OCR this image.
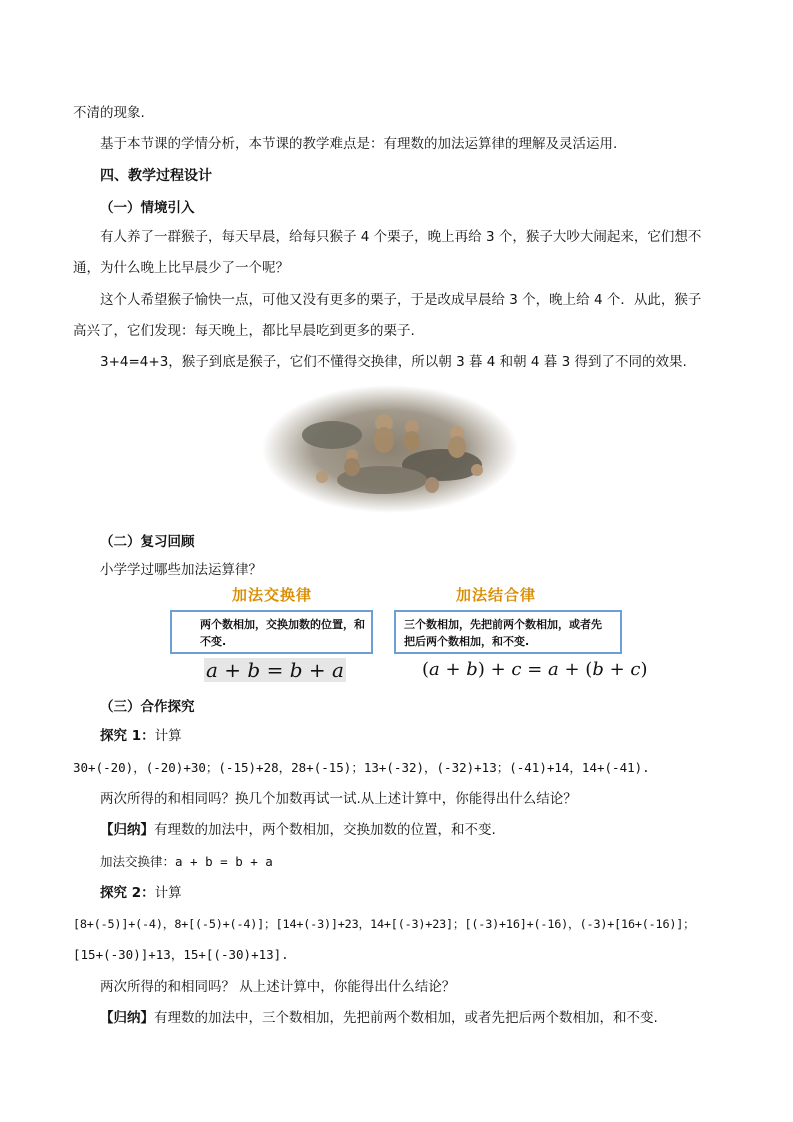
不清的现象.
基于本节课的学情分析，本节课的教学难点是：有理数的加法运算律的理解及灵活运用.
四、教学过程设计
（一）情境引入
有人养了一群猴子，每天早晨，给每只猴子 4 个栗子，晚上再给 3 个，猴子大吵大闹起来，它们想不
通，为什么晚上比早晨少了一个呢？
这个人希望猴子愉快一点，可他又没有更多的栗子，于是改成早晨给 3 个，晚上给 4 个．从此，猴子
高兴了，它们发现：每天晚上，都比早晨吃到更多的栗子.
3+4=4+3，猴子到底是猴子，它们不懂得交换律，所以朝 3 暮 4 和朝 4 暮 3 得到了不同的效果.
（二）复习回顾
小学学过哪些加法运算律？
加法交换律	加法结合律
两个数相加，交换加数的位置，和不变.
三个数相加，先把前两个数相加，或者先把后两个数相加，和不变.
a + b = b + a	(a + b) + c = a + (b + c)
（三）合作探究
探究 1：计算
30+(-20)，(-20)+30；(-15)+28，28+(-15)；13+(-32)，(-32)+13；(-41)+14，14+(-41).
两次所得的和相同吗？换几个加数再试一试.从上述计算中，你能得出什么结论？
【归纳】有理数的加法中，两个数相加，交换加数的位置，和不变.
加法交换律：a + b = b + a
探究 2：计算
[8+(-5)]+(-4)，8+[(-5)+(-4)]；[14+(-3)]+23，14+[(-3)+23]；[(-3)+16]+(-16)，(-3)+[16+(-16)]；
[15+(-30)]+13，15+[(-30)+13].
两次所得的和相同吗？ 从上述计算中，你能得出什么结论？
【归纳】有理数的加法中，三个数相加，先把前两个数相加，或者先把后两个数相加，和不变.
